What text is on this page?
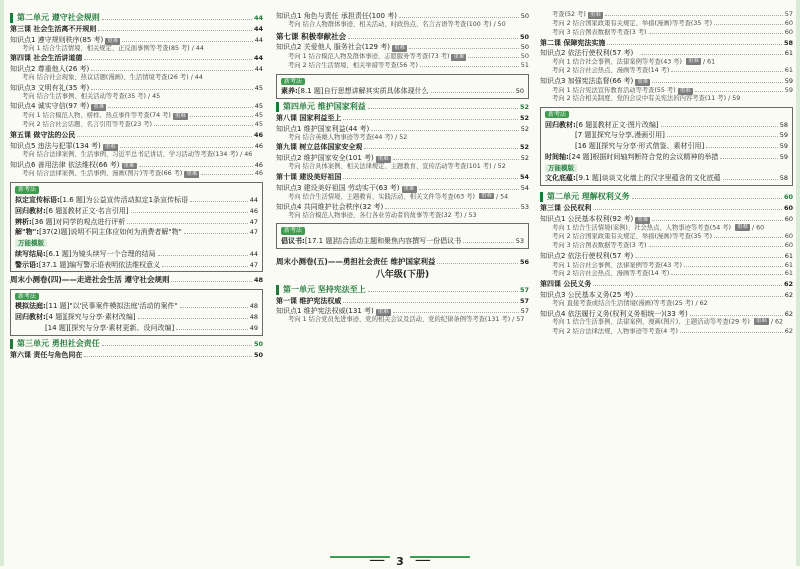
第二单元 遵守社会规则	44
第三课 社会生活离不开规则	44
知识点1 遵守规则秩序(85 考) 重难	44
考向 1 结合生活情境、相关规定、正反面事例等考查(85 考) / 44
第四课 社会生活讲道德	44
知识点2 尊重他人(26 考)	44
考向 结合社会现象、热议话题(漫画)、生活情境考查(26 考) / 44
知识点3 文明有礼(35 考)	45
考向 结合生活事例、相关活动等考查(35 考) / 45
知识点4 诚实守信(97 考) 重难	45
考向 1 结合模范人物、榜样、热点事件等考查(74 考) 重难	45
考向 2 结合社会话题、名言引用等考查(23 考)	45
第五课 做守法的公民	46
知识点5 违法与犯罪(134 考) 重难	46
考向 结合法律案例、生活事例、习近平总书记讲话、学习活动等考查(134 考) / 46
知识点6 善用法律 依法维权(66 考) 重难	46
考向 结合法律案例、生活事例、漫画(图片)等考查(66 考) 重难	46
新考法
拟定宣传标语:[1.6 题]为公益宣传活动拟定1条宣传标语	44
回归教材:[6 题][教材正文·名言引用]	46
辨析:[36 题]对同学的观点进行评析	47
解"物":[37(2)题]说明不同主体应如何为消费者解"物"	47
万能模版
续写结局:[6.1 题]为镜头续写一个合理的结局	44
警示语:[37.1 题]编写警示语表明依法维权意义	47
周末小测卷(四)——走进社会生活 遵守社会规则	48
新考法
模拟法庭:[11 题]"以'民事案件模拟法庭'活动的案件"	48
回归教材:[4 题][探究与分享·素材改编]	48
[14 题][探究与分享·素材更新、设问改编]	49
第三单元 勇担社会责任	50
第六课 责任与角色同在	50
知识点1 角色与责任 承担责任(100 考)	50
考向 结合人物群体事迹、相关活动、时政热点、名言古语等考查(100 考) / 50
第七课 积极奉献社会	50
知识点2 关爱他人 服务社会(129 考) 重难	50
考向 1 结合模范人物及群体事迹、志愿服务等考查(73 考) 重难	50
考向 2 结合生活情境、相关举措等考查(56 考)	51
新考法
素养:[8.1 题]自行思想讲解其实质具体体现什么	50
第四单元 维护国家利益	52
第八课 国家利益至上	52
知识点1 维护国家利益(44 考)	52
考向 结合英雄人物事迹等考查(44 考) / 52
第九课 树立总体国家安全观	52
知识点2 维护国家安全(101 考) 重难	52
考向 结合具体案例、相关法律规定、主题教育、宣传活动等考查(101 考) / 52
第十课 建设美好祖国	54
知识点3 建设美好祖国 劳动实干(63 考) 重难	54
考向 结合生活情境、主题教育、实践活动、相关文件等考查(63 考) 重难 / 54
知识点4 共同维护社会秩序(32 考)	53
考向 结合模范人物事迹、各行各业劳动者的故事等考查(32 考) / 53
新考法
倡议书:[17.1 题]结合活动主题和聚焦内容撰写一份倡议书	53
周末小测卷(五)——勇担社会责任 维护国家利益	56
八年级(下册)
第一单元 坚持宪法至上	57
第一课 维护宪法权威	57
知识点1 维护宪法权威(131 考) 重难	57
考向 1 结合党员先进事迹、党的相关会议及活动、党的纪律条例等考查(131 考) / 57
考查(52 考) 重难	57
考向 2 结合国家政策有关规定、举措(漫画)等考查(35 考)	60
考向 3 结合图表数据等考查(3 考)	60
第二课 保障宪法实施	58
知识点2 依法行使权利(57 考)	61
考向 1 结合社会事例、法律案例等考查(43 考) 重难 / 61
考向 2 结合社会热点、漫画等考查(14 考)	61
知识点3 加强宪法监督(66 考) 重难	59
考向 1 结合宪法宣传教育活动等考查(55 考) 重难	59
考向 2 结合相关制度、党的会议中有关宪法的内容考查(11 考) / 59
新考法
回归教材:[6 题][教材正文·图片改编]	58
[7 题][探究与分享,漫画引用]	59
[16 题][探究与分享·形式借鉴、素材引用]	59
时间轴:[24 题]根据时间轴判断符合党的会议精神的举措	59
万能模版
文化底蕴:[9.1 题]谈谈文化墙上的汉字里蕴含的文化底蕴	58
第二单元 理解权利义务	60
第三课 公民权利	60
知识点1 公民基本权利(92 考) 重难	60
考向 1 结合生活情境(案例)、社会热点、人物事迹等考查(54 考) 重难 / 60
考向 2 结合国家政策有关规定、举措(漫画)等考查(35 考)	60
考向 3 结合图表数据等考查(3 考)	60
知识点2 依法行使权利(57 考)	61
考向 1 结合社会事例、法律案例等考查(43 考)	61
考向 2 结合社会热点、漫画等考查(14 考)	61
第四课 公民义务	62
知识点3 公民基本义务(25 考)	62
考向 直接考查或结合生活情境(漫画)等考查(25 考) / 62
知识点4 依法履行义务(权利义务相统一)(33 考)	62
考向 1 结合生活事例、法律案例、漫画(图片)、主题活动等考查(29 考) 重难 / 62
考向 2 结合法律法规、人物事迹等考查(4 考)	62
— 3 —
